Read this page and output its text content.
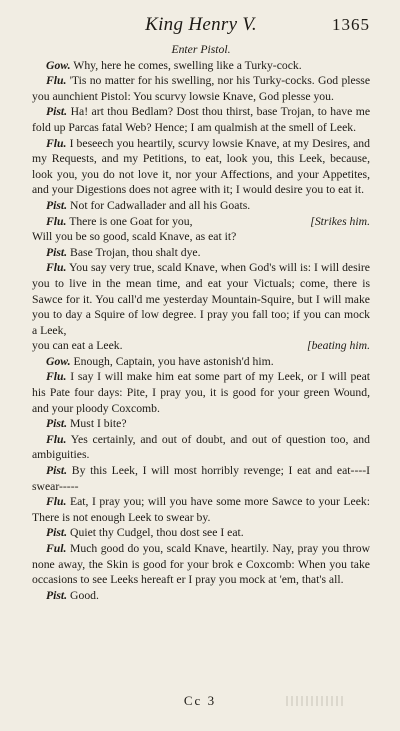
King Henry V.	1365

Enter Pistol.

Gow. Why, here he comes, swelling like a Turky-cock.

Flu. 'Tis no matter for his swelling, nor his Turky-cocks. God plesse you aunchient Pistol: You scurvy lowsie Knave, God plesse you.

Pist. Ha! art thou Bedlam? Dost thou thirst, base Trojan, to have me fold up Parcas fatal Web? Hence; I am qualmish at the smell of Leek.

Flu. I beseech you heartily, scurvy lowsie Knave, at my Desires, and my Requests, and my Petitions, to eat, look you, this Leek, because, look you, you do not love it, nor your Affections, and your Appetites, and your Digestions does not agree with it; I would desire you to eat it.

Pist. Not for Cadwallader and all his Goats.

[Strikes him.
Flu. There is one Goat for you,

Will you be so good, scald Knave, as eat it?

Pist. Base Trojan, thou shalt dye.

Flu. You say very true, scald Knave, when God's will is: I will desire you to live in the mean time, and eat your Victuals; come, there is Sawce for it. You call'd me yesterday Mountain-Squire, but I will make you to day a Squire of low degree. I pray you fall too; if you can mock a Leek,

[beating him.
you can eat a Leek.

Gow. Enough, Captain, you have astonish'd him.

Flu. I say I will make him eat some part of my Leek, or I will peat his Pate four days: Pite, I pray you, it is good for your green Wound, and your ploody Coxcomb.

Pist. Must I bite?

Flu. Yes certainly, and out of doubt, and out of question too, and ambiguities.

Pist. By this Leek, I will most horribly revenge; I eat and eat----I swear-----

Flu. Eat, I pray you; will you have some more Sawce to your Leek: There is not enough Leek to swear by.

Pist. Quiet thy Cudgel, thou dost see I eat.

Ful. Much good do you, scald Knave, heartily. Nay, pray you throw none away, the Skin is good for your brok e Coxcomb: When you take occasions to see Leeks hereaft er I pray you mock at 'em, that's all.

Pist. Good.

Cc 3
